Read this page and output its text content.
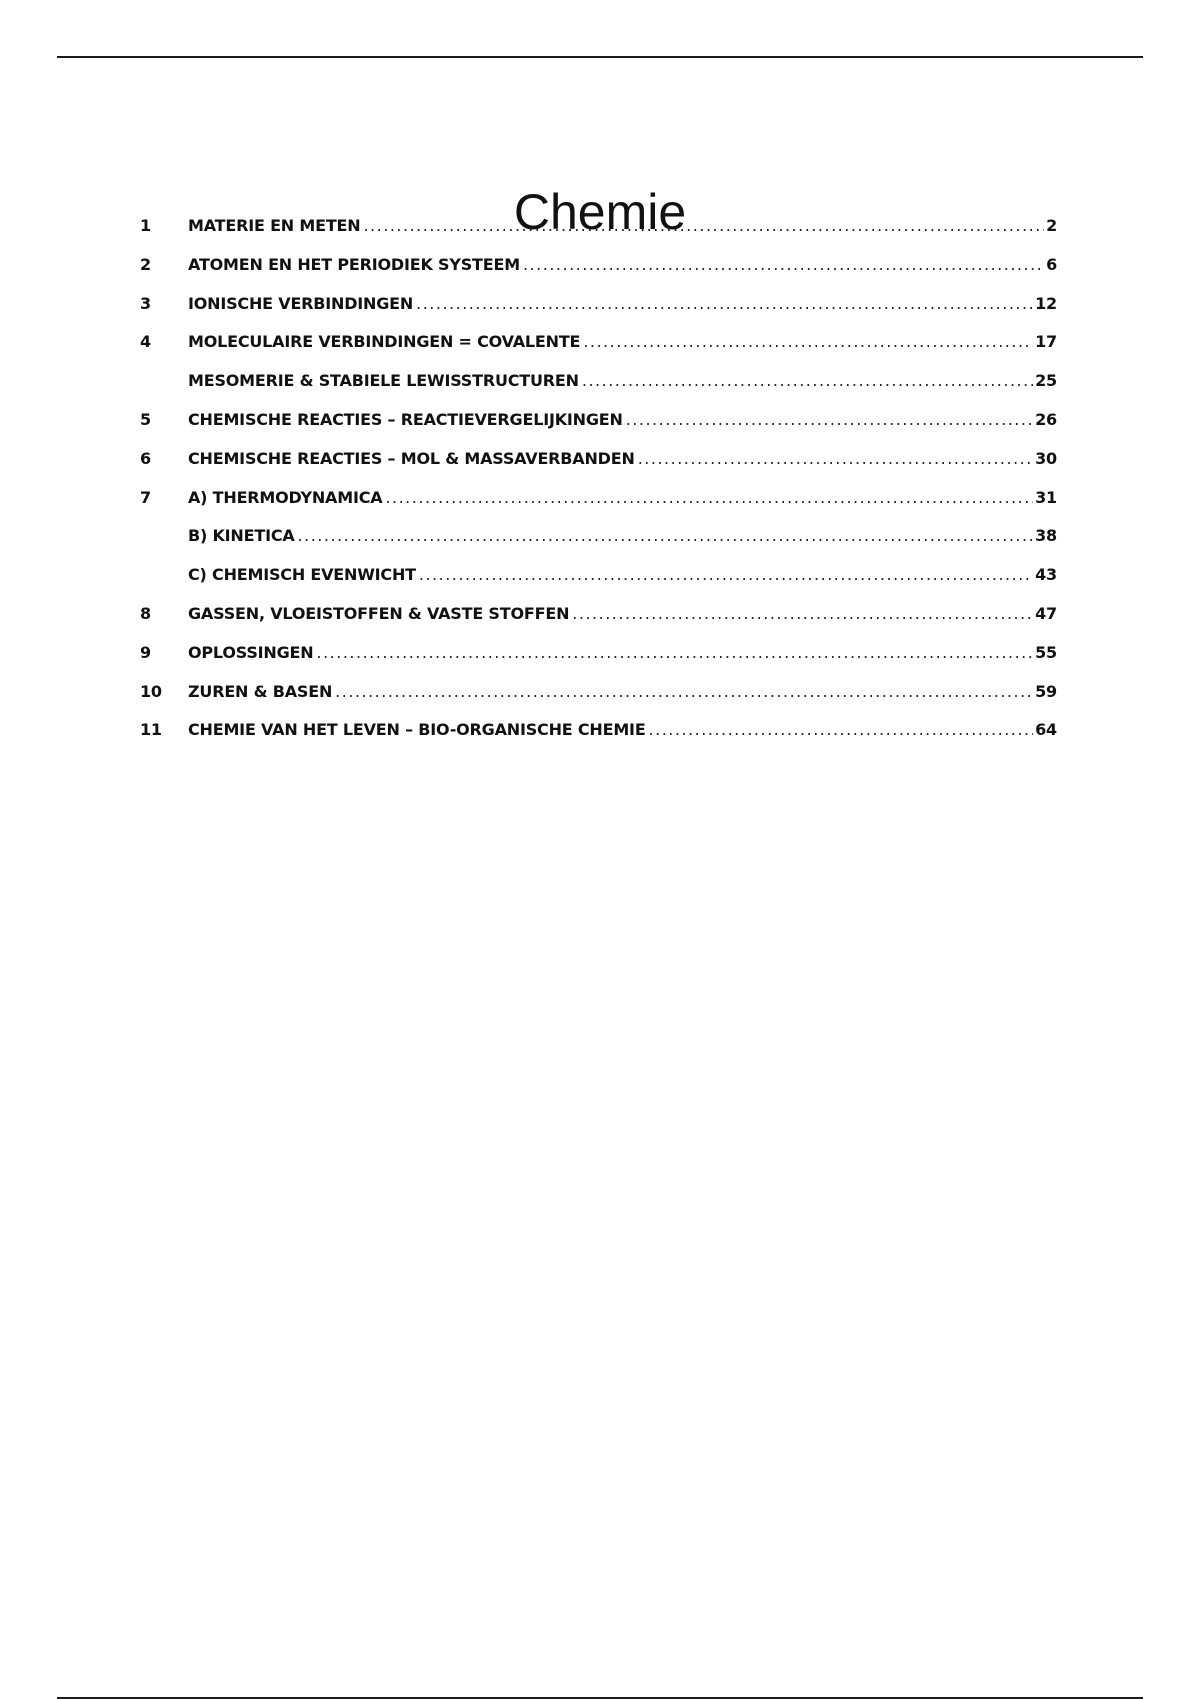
Chemie
1	MATERIE EN METEN .....	2
2	ATOMEN EN HET PERIODIEK SYSTEEM .....	6
3	IONISCHE VERBINDINGEN .....	12
4	MOLECULAIRE VERBINDINGEN = COVALENTE .....	17
MESOMERIE & STABIELE LEWISSTRUCTUREN .....	25
5	CHEMISCHE REACTIES – REACTIEVERGELIJKINGEN .....	26
6	CHEMISCHE REACTIES – MOL & MASSAVERBANDEN .....	30
7	A) THERMODYNAMICA .....	31
B) KINETICA .....	38
C) CHEMISCH EVENWICHT .....	43
8	GASSEN, VLOEISTOFFEN & VASTE STOFFEN .....	47
9	OPLOSSINGEN .....	55
10	ZUREN & BASEN .....	59
11	CHEMIE VAN HET LEVEN – BIO-ORGANISCHE CHEMIE .....	64
